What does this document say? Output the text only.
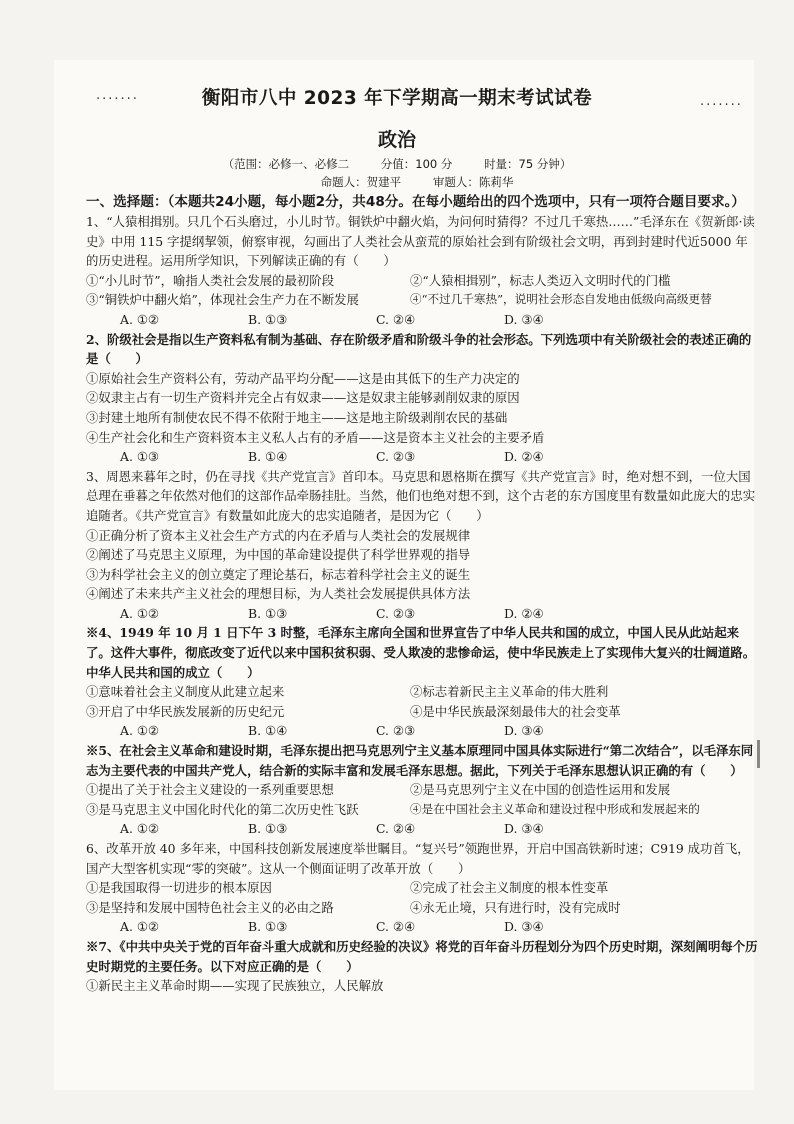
·······	·······
衡阳市八中 2023 年下学期高一期末考试试卷
政治
（范围：必修一、必修二	分值：100 分	时量：75 分钟）
命题人：贺建平	审题人：陈莉华

一、选择题：（本题共24小题，每小题2分，共48分。在每小题给出的四个选项中，只有一项符合题目要求。）

1、“人猿相揖别。只几个石头磨过，小儿时节。铜铁炉中翻火焰，为问何时猜得？不过几千寒热……”毛泽东在《贺新郎·读史》中用 115 字提纲挈领，俯察审视，勾画出了人类社会从蛮荒的原始社会到有阶级社会文明，再到封建时代近5000 年的历史进程。运用所学知识，下列解读正确的有（　　）

①“小儿时节”，喻指人类社会发展的最初阶段	②“人猿相揖别”，标志人类迈入文明时代的门槛

③“铜铁炉中翻火焰”，体现社会生产力在不断发展	④“不过几千寒热”，说明社会形态自发地由低级向高级更替

A. ①②	B. ①③	C. ②④	D. ③④

2、阶级社会是指以生产资料私有制为基础、存在阶级矛盾和阶级斗争的社会形态。下列选项中有关阶级社会的表述正确的是（　　）

①原始社会生产资料公有，劳动产品平均分配——这是由其低下的生产力决定的

②奴隶主占有一切生产资料并完全占有奴隶——这是奴隶主能够剥削奴隶的原因

③封建土地所有制使农民不得不依附于地主——这是地主阶级剥削农民的基础

④生产社会化和生产资料资本主义私人占有的矛盾——这是资本主义社会的主要矛盾

A. ①③	B. ①④	C. ②③	D. ②④

3、周恩来暮年之时，仍在寻找《共产党宣言》首印本。马克思和恩格斯在撰写《共产党宣言》时，绝对想不到，一位大国总理在垂暮之年依然对他们的这部作品牵肠挂肚。当然，他们也绝对想不到，这个古老的东方国度里有数量如此庞大的忠实追随者。《共产党宣言》有数量如此庞大的忠实追随者，是因为它（　　）

①正确分析了资本主义社会生产方式的内在矛盾与人类社会的发展规律

②阐述了马克思主义原理，为中国的革命建设提供了科学世界观的指导

③为科学社会主义的创立奠定了理论基石，标志着科学社会主义的诞生

④阐述了未来共产主义社会的理想目标，为人类社会发展提供具体方法

A. ①②	B. ①③	C. ②③	D. ②④

※4、1949 年 10 月 1 日下午 3 时整，毛泽东主席向全国和世界宣告了中华人民共和国的成立，中国人民从此站起来了。这件大事件，彻底改变了近代以来中国积贫积弱、受人欺凌的悲惨命运，使中华民族走上了实现伟大复兴的壮阔道路。中华人民共和国的成立（　　）

①意味着社会主义制度从此建立起来	②标志着新民主主义革命的伟大胜利

③开启了中华民族发展新的历史纪元	④是中华民族最深刻最伟大的社会变革

A. ①②	B. ①④	C. ②③	D. ③④

※5、在社会主义革命和建设时期，毛泽东提出把马克思列宁主义基本原理同中国具体实际进行“第二次结合”，以毛泽东同志为主要代表的中国共产党人，结合新的实际丰富和发展毛泽东思想。据此，下列关于毛泽东思想认识正确的有（　　）

①提出了关于社会主义建设的一系列重要思想	②是马克思列宁主义在中国的创造性运用和发展

③是马克思主义中国化时代化的第二次历史性飞跃	④是在中国社会主义革命和建设过程中形成和发展起来的

A. ①②	B. ①③	C. ②④	D. ③④

6、改革开放 40 多年来，中国科技创新发展速度举世瞩目。“复兴号”领跑世界，开启中国高铁新时速；C919 成功首飞，国产大型客机实现“零的突破”。这从一个侧面证明了改革开放（　　）

①是我国取得一切进步的根本原因	②完成了社会主义制度的根本性变革

③是坚持和发展中国特色社会主义的必由之路	④永无止境，只有进行时，没有完成时

A. ①②	B. ①③	C. ②④	D. ③④

※7、《中共中央关于党的百年奋斗重大成就和历史经验的决议》将党的百年奋斗历程划分为四个历史时期，深刻阐明每个历史时期党的主要任务。以下对应正确的是（　　）

①新民主主义革命时期——实现了民族独立，人民解放
